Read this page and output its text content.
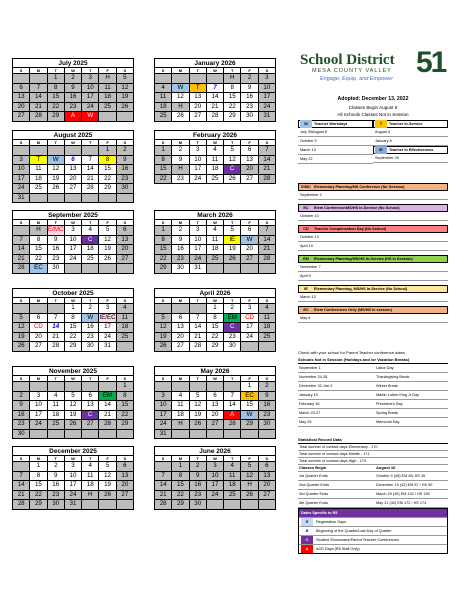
July 2025
S	M	T	W	T	F	S
		1	2	3	H	5
6	7	8	9	10	11	12
13	14	15	16	17	18	19
20	21	22	23	24	25	26
27	28	29	A	W		
January 2026
S	M	T	W	T	F	S
				H	2	3
4	W	T	7	8	9	10
11	12	13	14	15	16	17
18	H	20	21	22	23	24
25	26	27	28	29	30	31
August 2025
S	M	T	W	T	F	S
					1	2
3	T	W	6	7	8	9
10	11	12	13	14	15	16
17	18	19	20	21	22	23
24	25	26	27	28	29	30
31						
February 2026
S	M	T	W	T	F	S
1	2	3	4	5	6	7
8	9	10	11	12	13	14
15	H	17	18	C	20	21
22	23	24	25	26	27	28
September 2025
S	M	T	W	T	F	S
	H	E/MC	3	4	5	6
7	8	9	10	C	12	13
14	15	16	17	18	19	20
21	22	23	24	25	26	27
28	EC	30				
March 2026
S	M	T	W	T	F	S
1	2	3	4	5	6	7
8	9	10	11	IE	W	14
15	16	17	18	19	20	21
22	23	24	25	26	27	28
29	30	31				
October 2025
S	M	T	W	T	F	S
			1	2	3	4
5	6	7	8	W	IE/EC	11
12	CD	14	15	16	17	18
19	20	21	22	23	24	25
26	27	28	29	30	31	
April 2026
S	M	T	W	T	F	S
			1	2	3	4
5	6	7	8	EM	CD	11
12	13	14	15	C	17	18
19	20	21	22	23	24	25
26	27	28	29	30		
November 2025
S	M	T	W	T	F	S
						1
2	3	4	5	6	EM	8
9	10	11	12	13	14	15
16	17	18	19	C	21	22
23	24	25	26	27	28	29
30						
May 2026
S	M	T	W	T	F	S
					1	2
3	4	5	6	7	EC	9
10	11	12	13	14	15	16
17	18	19	20	A	W	23
24	H	26	27	28	29	30
31						
December 2025
S	M	T	W	T	F	S
	1	2	3	4	5	6
7	8	9	10	11	12	13
14	15	16	17	18	19	20
21	22	23	24	H	26	27
28	29	30	31			
June 2026
S	M	T	W	T	F	S
	1	2	3	4	5	6
7	8	9	10	11	12	13
14	15	16	17	18	H	20
21	22	23	24	25	26	27
28	29	30				
School District 51
MESA COUNTY VALLEY
Engage, Equip, and Empower
Adopted: December 13, 2022
Classes Begin August 6
All Schools Classes Not in Session
W	Teacher Workdays
July 30August 5
October 9
March 13
May 22
T	Teacher In-Service
August 4
January 6
IE	Teacher In Effectiveness
September 29
E/MC Elementary Planning/MS Conference (No Session)
September 2
EC	Elem Conference/MS/HS In-Service (No School)
October 10
CD	Teacher Compensation Day (No School)
October 13
April 10
EM	Elementary Planning/MS/HS In-Service (HS in Session)
November 7
April 9
IE	Elementary Planning, MS/HS In-Service (No School)
March 12
EC	Elem Conferences Only (MS/HS in session)
May 8
Check with your school for Parent Teacher conference dates
Schools Not in Session (Holidays and /or Vacation Breaks)
September 1	Labor Day
November 24-28	Thanksgiving Break
December 22-Jan 2	Winter Break
January 19	Martin Luther King Jr Day
February 16	President's Day
March 23-27	Spring Break
May 25	Memorial Day
Statistical Record Data
Total number of contact days Elementary - 170
Total number of contact days Middle - 171
Total number of contact days High - 174
Classes Begin	August 16
1st Quarter Ends	October 9 (45) EM 45/ HS 45
2nd Quarter Ends	December 19 (42) EM 87 / HS 90
3rd Quarter Ends	March 20 (45) EM 132 / HS 135
4th Quarter Ends	May 21 (40) EM 172 / HS 174
Dates Specific to R5
R	Registration Days
B	Beginning of the Quarter/Last Day of Quarter
C	Student Showcases/Parent Teacher Conferences
A	ACE Days (R5 Staff Only)
